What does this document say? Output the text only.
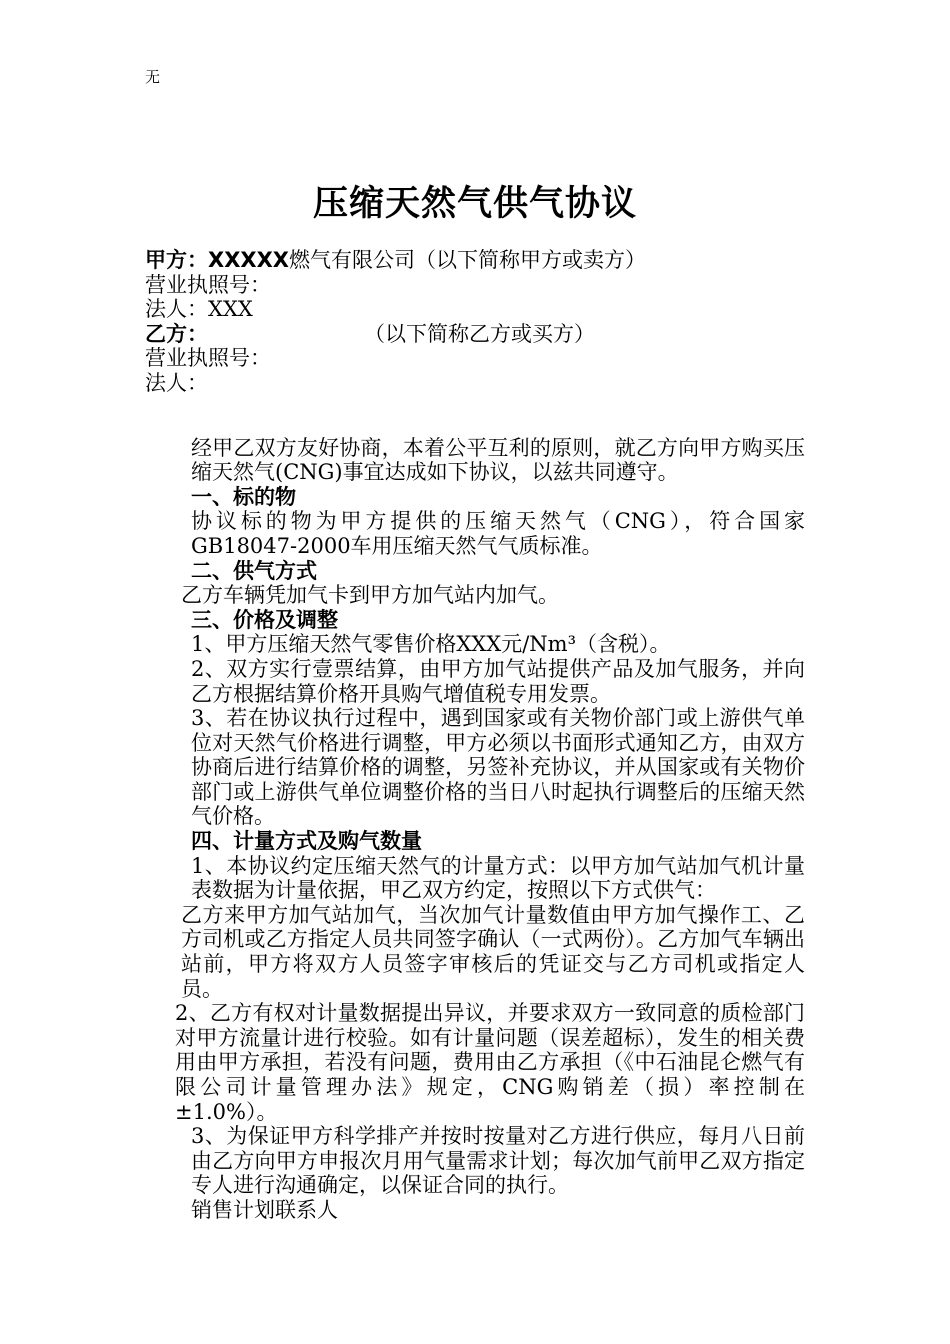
无
压缩天然气供气协议
甲方：XXXXX燃气有限公司（以下简称甲方或卖方）
营业执照号：
法人：XXX
乙方：	（以下简称乙方或买方）
营业执照号：
法人：
经甲乙双方友好协商，本着公平互利的原则，就乙方向甲方购买压缩天然气(CNG)事宜达成如下协议，以兹共同遵守。
一、标的物
协议标的物为甲方提供的压缩天然气（CNG），符合国家GB18047-2000车用压缩天然气气质标准。
二、供气方式
乙方车辆凭加气卡到甲方加气站内加气。
三、价格及调整
1、甲方压缩天然气零售价格XXX元/Nm³（含税）。
2、双方实行壹票结算，由甲方加气站提供产品及加气服务，并向乙方根据结算价格开具购气增值税专用发票。
3、若在协议执行过程中，遇到国家或有关物价部门或上游供气单位对天然气价格进行调整，甲方必须以书面形式通知乙方，由双方协商后进行结算价格的调整，另签补充协议，并从国家或有关物价部门或上游供气单位调整价格的当日八时起执行调整后的压缩天然气价格。
四、计量方式及购气数量
1、本协议约定压缩天然气的计量方式：以甲方加气站加气机计量表数据为计量依据，甲乙双方约定，按照以下方式供气：
乙方来甲方加气站加气，当次加气计量数值由甲方加气操作工、乙方司机或乙方指定人员共同签字确认（一式两份）。乙方加气车辆出站前，甲方将双方人员签字审核后的凭证交与乙方司机或指定人员。
2、乙方有权对计量数据提出异议，并要求双方一致同意的质检部门对甲方流量计进行校验。如有计量问题（误差超标），发生的相关费用由甲方承担，若没有问题，费用由乙方承担（《中石油昆仑燃气有限公司计量管理办法》规定，CNG购销差（损）率控制在±1.0%）。
3、为保证甲方科学排产并按时按量对乙方进行供应，每月八日前由乙方向甲方申报次月用气量需求计划；每次加气前甲乙双方指定专人进行沟通确定，以保证合同的执行。
销售计划联系人
